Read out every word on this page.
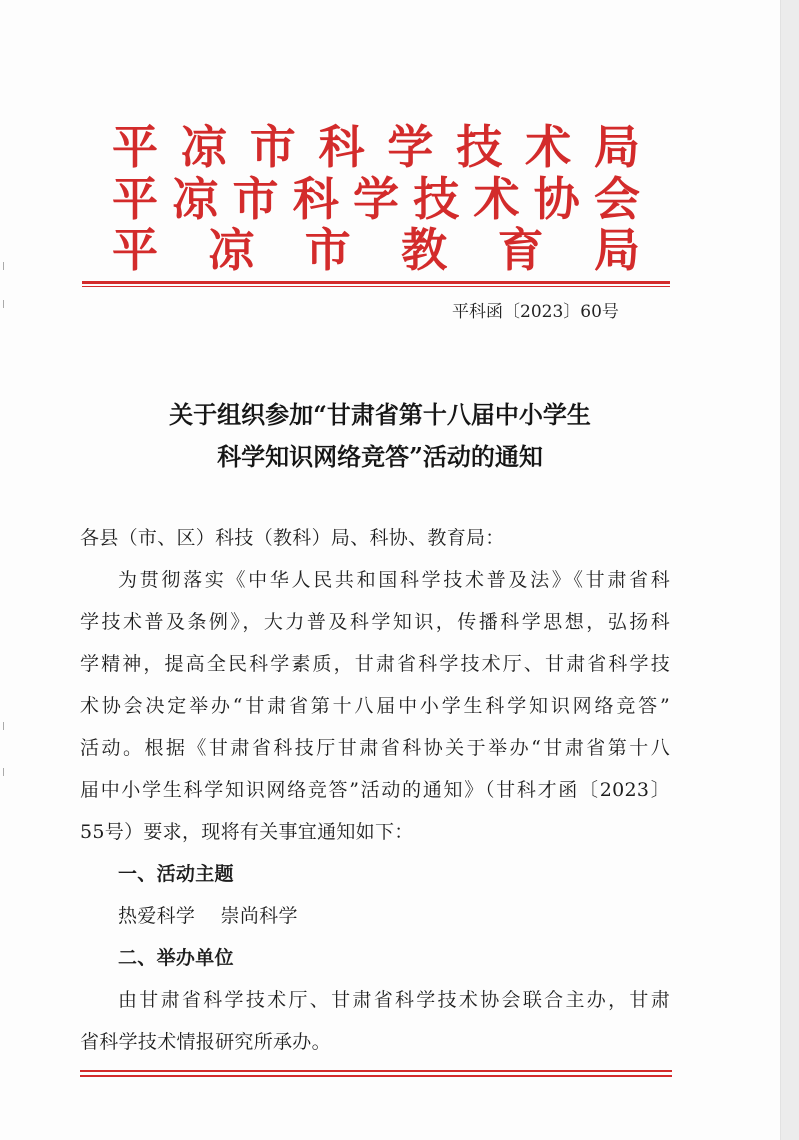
平 凉 市 科 学 技 术 局
平 凉 市 科 学 技 术 协 会
平 凉 市 教 育 局
平科函〔2023〕60号
关于组织参加“甘肃省第十八届中小学生
科学知识网络竞答”活动的通知
各县（市、区）科技（教科）局、科协、教育局：
为贯彻落实《中华人民共和国科学技术普及法》《甘肃省科
学技术普及条例》，大力普及科学知识，传播科学思想，弘扬科
学精神，提高全民科学素质，甘肃省科学技术厅、甘肃省科学技
术协会决定举办“甘肃省第十八届中小学生科学知识网络竞答”
活动。根据《甘肃省科技厅甘肃省科协关于举办“甘肃省第十八
届中小学生科学知识网络竞答”活动的通知》（甘科才函〔2023〕
55号）要求，现将有关事宜通知如下：
一、活动主题
热爱科学    崇尚科学
二、举办单位
由甘肃省科学技术厅、甘肃省科学技术协会联合主办，甘肃
省科学技术情报研究所承办。
